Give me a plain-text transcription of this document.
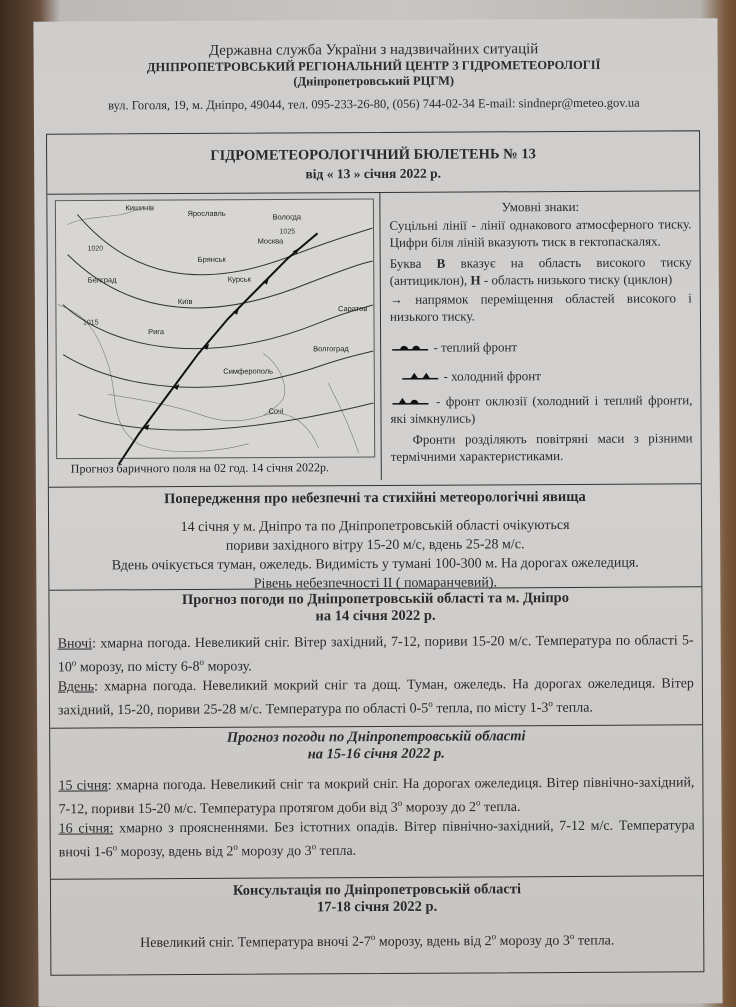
Державна служба України з надзвичайних ситуацій
ДНІПРОПЕТРОВСЬКИЙ РЕГІОНАЛЬНИЙ ЦЕНТР З ГІДРОМЕТЕОРОЛОГІЇ
(Дніпропетровський РЦГМ)
вул. Гоголя, 19, м. Дніпро, 49044, тел. 095-233-26-80, (056) 744-02-34 E-mail: sindnepr@meteo.gov.ua
ГІДРОМЕТЕОРОЛОГІЧНИЙ БЮЛЕТЕНЬ № 13
від « 13 » січня 2022 р.
Кишинів
Ярославль	Вологда
Москва
Брянськ
Курськ
Київ
Саратов
Волгоград
Белград
Симферополь
Сочі
Рига
1025
1020
1015
Прогноз баричного поля на 02 год. 14 січня 2022р.
Умовні знаки:
Суцільні лінії - лінії однакового атмосферного тиску. Цифри біля ліній вказують тиск в гектопаскалях.
Буква В вказує на область високого тиску (антициклон), Н - область низького тиску (циклон)
→ напрямок переміщення областей високого і низького тиску.
- теплий фронт
- холодний фронт
- фронт оклюзії (холодний і теплий фронти, які зімкнулись)
Фронти розділяють повітряні маси з різними термічними характеристиками.
Попередження про небезпечні та стихійні метеорологічні явища
14 січня у м. Дніпро та по Дніпропетровській області очікуються
пориви західного вітру 15-20 м/с, вдень 25-28 м/с.
Вдень очікується туман, ожеледь. Видимість у тумані 100-300 м. На дорогах ожеледиця.
Рівень небезпечності ІІ ( помаранчевий).
Прогноз погоди по Дніпропетровській області та м. Дніпро
на 14 січня 2022 р.
Вночі: хмарна погода. Невеликий сніг. Вітер західний, 7-12, пориви 15-20 м/с. Температура по області $5-10^о$ морозу, по місту $6-8^о$ морозу.
Вдень: хмарна погода. Невеликий мокрий сніг та дощ. Туман, ожеледь. На дорогах ожеледиця. Вітер західний, 15-20, пориви 25-28 м/с. Температура по області $0-5^о$ тепла, по місту $1-3^о$ тепла.
Прогноз погоди по Дніпропетровській області
на 15-16 січня 2022 р.
15 січня: хмарна погода. Невеликий сніг та мокрий сніг. На дорогах ожеледиця. Вітер північно-західний, 7-12, пориви 15-20 м/с. Температура протягом доби від $3^о$ морозу до $2^о$ тепла.
16 січня: хмарно з проясненнями. Без істотних опадів. Вітер північно-західний, 7-12 м/с. Температура вночі $1-6^о$ морозу, вдень від $2^о$ морозу до $3^о$ тепла.
Консультація по Дніпропетровській області
17-18 січня 2022 р.
Невеликий сніг. Температура вночі $2-7^о$ морозу, вдень від $2^о$ морозу до $3^о$ тепла.
